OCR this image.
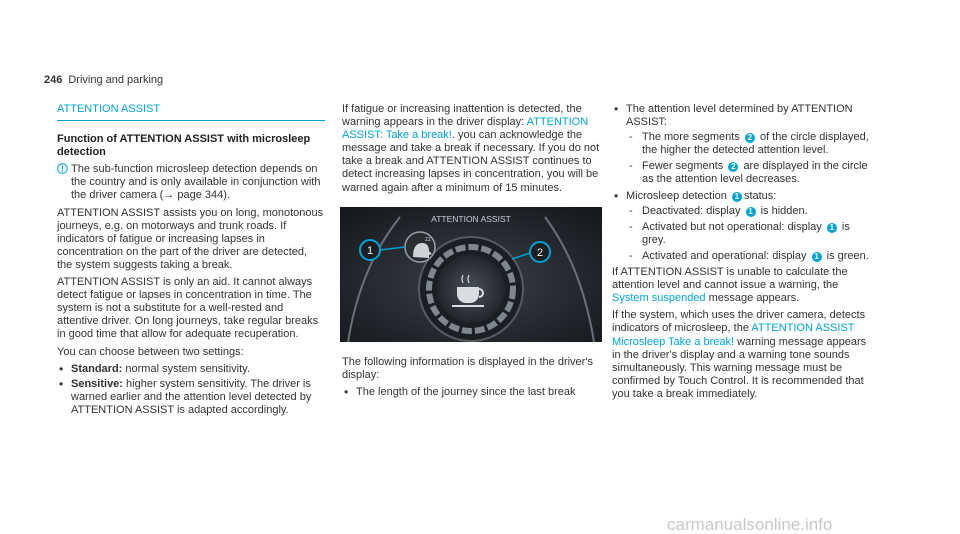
246 Driving and parking
ATTENTION ASSIST
Function of ATTENTION ASSIST with microsleep detection
The sub-function microsleep detection depends on the country and is only available in conjunction with the driver camera (→ page 344).

ATTENTION ASSIST assists you on long, monotonous journeys, e.g. on motorways and trunk roads. If indicators of fatigue or increasing lapses in concentration on the part of the driver are detected, the system suggests taking a break.

ATTENTION ASSIST is only an aid. It cannot always detect fatigue or lapses in concentration in time. The system is not a substitute for a well-rested and attentive driver. On long journeys, take regular breaks in good time that allow for adequate recuperation.

You can choose between two settings:

• Standard: normal system sensitivity.
• Sensitive: higher system sensitivity. The driver is warned earlier and the attention level detected by ATTENTION ASSIST is adapted accordingly.

If fatigue or increasing inattention is detected, the warning appears in the driver display: ATTENTION ASSIST: Take a break!. you can acknowledge the message and take a break if necessary. If you do not take a break and ATTENTION ASSIST continues to detect increasing lapses in concentration, you will be warned again after a minimum of 15 minutes.

ATTENTION ASSIST
zz
1	2

The following information is displayed in the driver's display:

• The length of the journey since the last break
• The attention level determined by ATTENTION ASSIST:
- The more segments 2 of the circle displayed, the higher the detected attention level.
- Fewer segments 2 are displayed in the circle as the attention level decreases.
• Microsleep detection 1 status:
- Deactivated: display 1 is hidden.
- Activated but not operational: display 1 is grey.
- Activated and operational: display 1 is green.

If ATTENTION ASSIST is unable to calculate the attention level and cannot issue a warning, the System suspended message appears.

If the system, which uses the driver camera, detects indicators of microsleep, the ATTENTION ASSIST Microsleep Take a break! warning message appears in the driver's display and a warning tone sounds simultaneously. This warning message must be confirmed by Touch Control. It is recommended that you take a break immediately.

carmanualsonline.info
